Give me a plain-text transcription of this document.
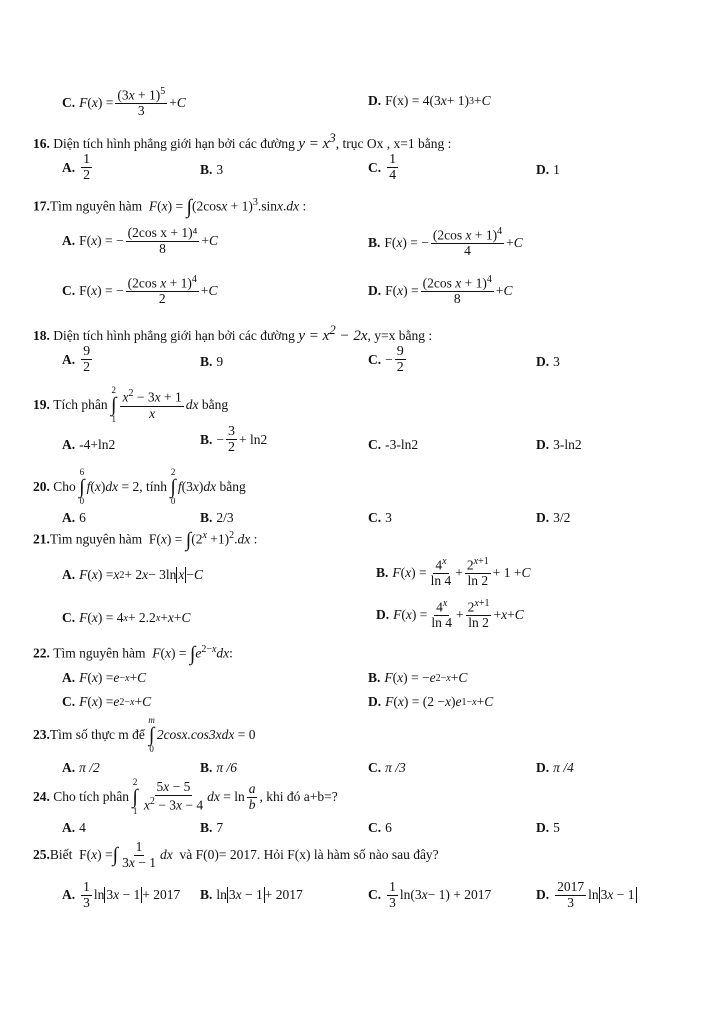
C. F ( x ) = $\frac{(3x + 1)^5}{3} + C$	D. F(x) = 4(3 x + 1) 3 + C
16. Diện tích hình phẳng giới hạn bởi các đường $y = x^3$, trục Ox , x=1 bằng :
A. $\frac{1}{2}$	B. 3	C. $\frac{1}{4}$	D. 1
17.Tìm nguyên hàm $F(x) = \int(2\cos x + 1)^3.\sin x.dx$ :
A. F( x ) = − $\frac{\text{(2cos x + 1)⁴}}{8} + C$	B. F( x ) = − $\frac{(2\cos x + 1)^4}{4} + C$
C. F( x ) = − $\frac{(2\cos x + 1)^4}{2} + C$	D. F( x ) = $\frac{(2\cos x + 1)^4}{8} + C$
18. Diện tích hình phẳng giới hạn bởi các đường $y = x^2 - 2x$, y=x bằng :
A. $\frac{9}{2}$	B. 9	C. − $\frac{9}{2}$	D. 3
19.
Tích phân

2
∫
$1 \frac{x^2 - 3x + 1}{x}$ dx
bằng
A. -4+ln2	B. − $\frac{3}{2} + \ln 2$	C. -3-ln2	D. 3-ln2
20.
Cho

6
∫
0
f ( x ) dx = 2 , tính

2
∫
0
f (3 x ) dx
bằng
A. 6	B. 2/3	C. 3	D. 3/2
21.Tìm nguyên hàm  $F(x) = \int(2^x +1)^2.dx$ :
A. F ( x ) = x 2 + 2 x − 3ln x − C	B. F ( x ) = $\frac{4^x}{\ln 4} + \frac{2^{x+1}}{\ln 2} + 1 + C$
C. F ( x ) = 4 x + 2.2 x + x + C	D. F ( x ) = $\frac{4^x}{\ln 4} + \frac{2^{x+1}}{\ln 2} + x + C$
22. Tìm nguyên hàm $F(x) = \int e^{2-x}dx$:
A. F ( x ) = e −x + C	B. F ( x ) = − e 2−x + C
C. F ( x ) = e 2−x + C	D. F ( x ) = (2 − x ) e 1−x + C
23. Tìm số thực m để

m
∫
0
2cosx.cos3xdx = 0
A. π /2	B. π /6	C. π /3	D. π /4
24.
Cho tích phân

2
∫
$1 \frac{5x - 5}{x^2 - 3x - 4}$ dx = $\ln \frac{a}{b}$ , khi đó a+b=?
A. 4	B. 7	C. 6	D. 5
25. Biết F( x ) = ∫ $\frac{1}{3x - 1}$ dx
và F(0)= 2017. Hỏi F(x) là hàm số nào sau đây?
A. $\frac{1}{3}$ ln 3x − 1 + 2017 B. ln 3x − 1 + 2017	C. $\frac{1}{3} \ln(3$ x − 1) + 2017	D. $\frac{2017}{3}$ ln 3x − 1
